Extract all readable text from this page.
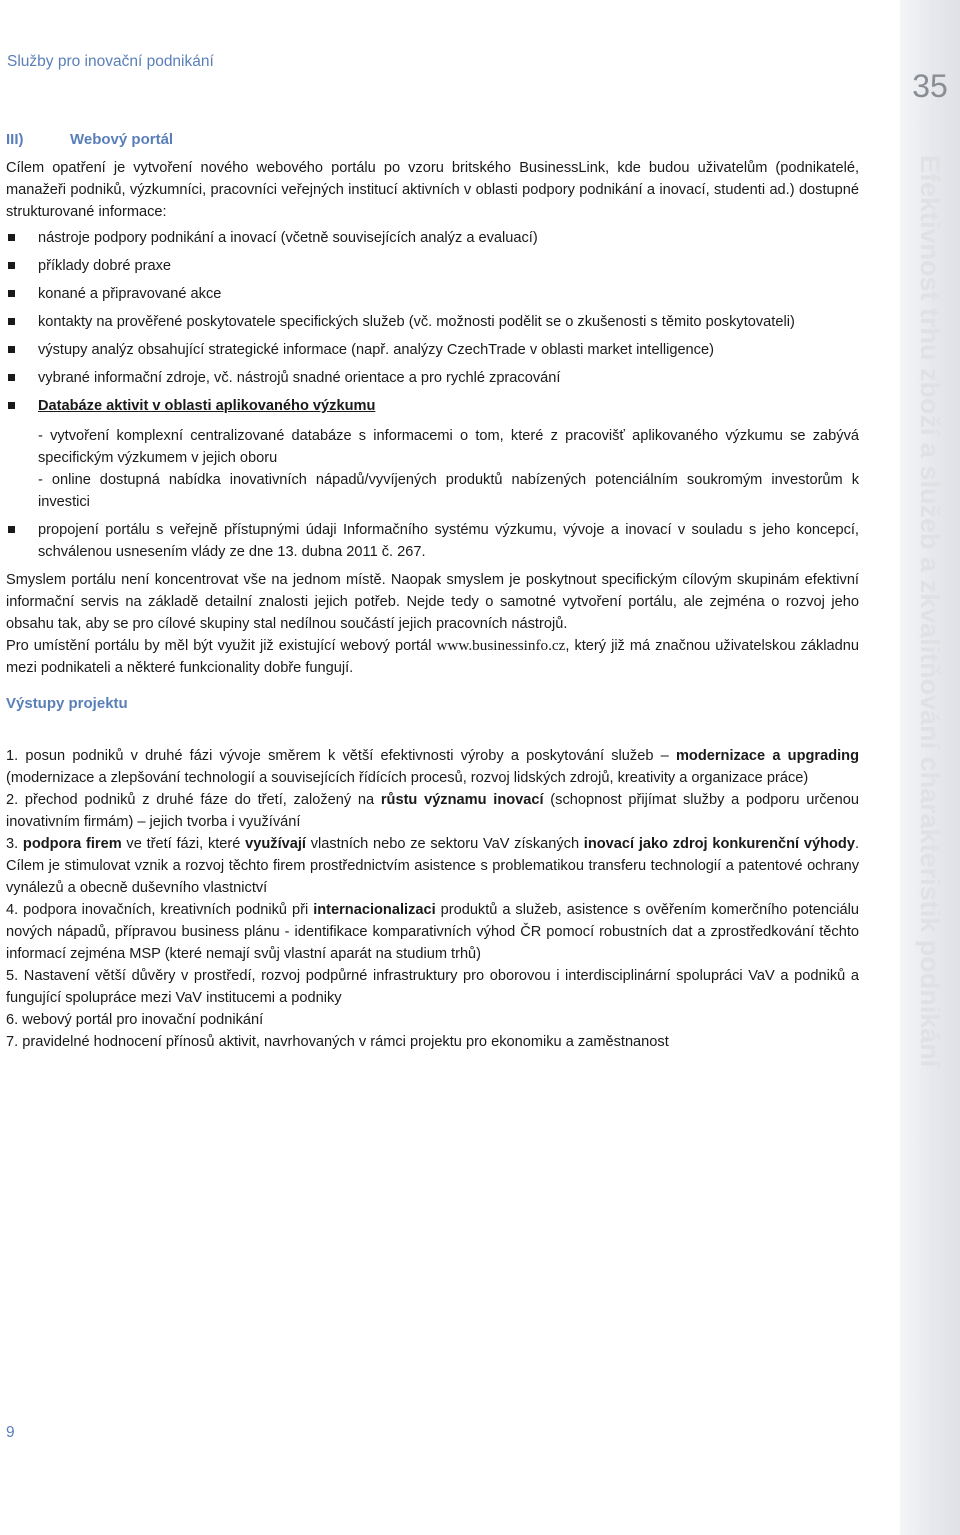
Služby pro inovační podnikání
35
Efektivnost trhu zboží a služeb a zkvalitňování charakteristik podnikání
9
III)	Webový portál

Cílem opatření je vytvoření nového webového portálu po vzoru britského BusinessLink, kde budou uživatelům (podnikatelé, manažeři podniků, výzkumníci, pracovníci veřejných institucí aktivních v oblasti podpory podnikání a inovací, studenti ad.) dostupné strukturované informace:

nástroje podpory podnikání a inovací (včetně souvisejících analýz a evaluací)
příklady dobré praxe
konané a připravované akce
kontakty na prověřené poskytovatele specifických služeb (vč. možnosti podělit se o zkušenosti s těmito poskytovateli)
výstupy analýz obsahující strategické informace (např. analýzy CzechTrade v oblasti market intelligence)
vybrané informační zdroje, vč. nástrojů snadné orientace a pro rychlé zpracování
Databáze aktivit v oblasti aplikovaného výzkumu

- vytvoření komplexní centralizované databáze s informacemi o tom, které z pracovišť aplikovaného výzkumu se zabývá specifickým výzkumem v jejich oboru

- online dostupná nabídka inovativních nápadů/vyvíjených produktů nabízených potenciálním soukromým investorům k investici

propojení portálu s veřejně přístupnými údaji Informačního systému výzkumu, vývoje a inovací v souladu s jeho koncepcí, schválenou usnesením vlády ze dne 13. dubna 2011 č. 267.

Smyslem portálu není koncentrovat vše na jednom místě. Naopak smyslem je poskytnout specifickým cílovým skupinám efektivní informační servis na základě detailní znalosti jejich potřeb. Nejde tedy o samotné vytvoření portálu, ale zejména o rozvoj jeho obsahu tak, aby se pro cílové skupiny stal nedílnou součástí jejich pracovních nástrojů.

Pro umístění portálu by měl být využit již existující webový portál www.businessinfo.cz, který již má značnou uživatelskou základnu mezi podnikateli a některé funkcionality dobře fungují.

Výstupy projektu

1. posun podniků v druhé fázi vývoje směrem k větší efektivnosti výroby a poskytování služeb – modernizace a upgrading (modernizace a zlepšování technologií a souvisejících řídících procesů, rozvoj lidských zdrojů, kreativity a organizace práce)

2. přechod podniků z druhé fáze do třetí, založený na růstu významu inovací (schopnost přijímat služby a podporu určenou inovativním firmám) – jejich tvorba i využívání

3. podpora firem ve třetí fázi, které využívají vlastních nebo ze sektoru VaV získaných inovací jako zdroj konkurenční výhody. Cílem je stimulovat vznik a rozvoj těchto firem prostřednictvím asistence s problematikou transferu technologií a patentové ochrany vynálezů a obecně duševního vlastnictví

4. podpora inovačních, kreativních podniků při internacionalizaci produktů a služeb, asistence s ověřením komerčního potenciálu nových nápadů, přípravou business plánu - identifikace komparativních výhod ČR pomocí robustních dat a zprostředkování těchto informací zejména MSP (které nemají svůj vlastní aparát na studium trhů)

5. Nastavení větší důvěry v prostředí, rozvoj podpůrné infrastruktury pro oborovou i interdisciplinární spolupráci VaV a podniků a fungující spolupráce mezi VaV institucemi a podniky

6. webový portál pro inovační podnikání

7. pravidelné hodnocení přínosů aktivit, navrhovaných v rámci projektu pro ekonomiku a zaměstnanost
